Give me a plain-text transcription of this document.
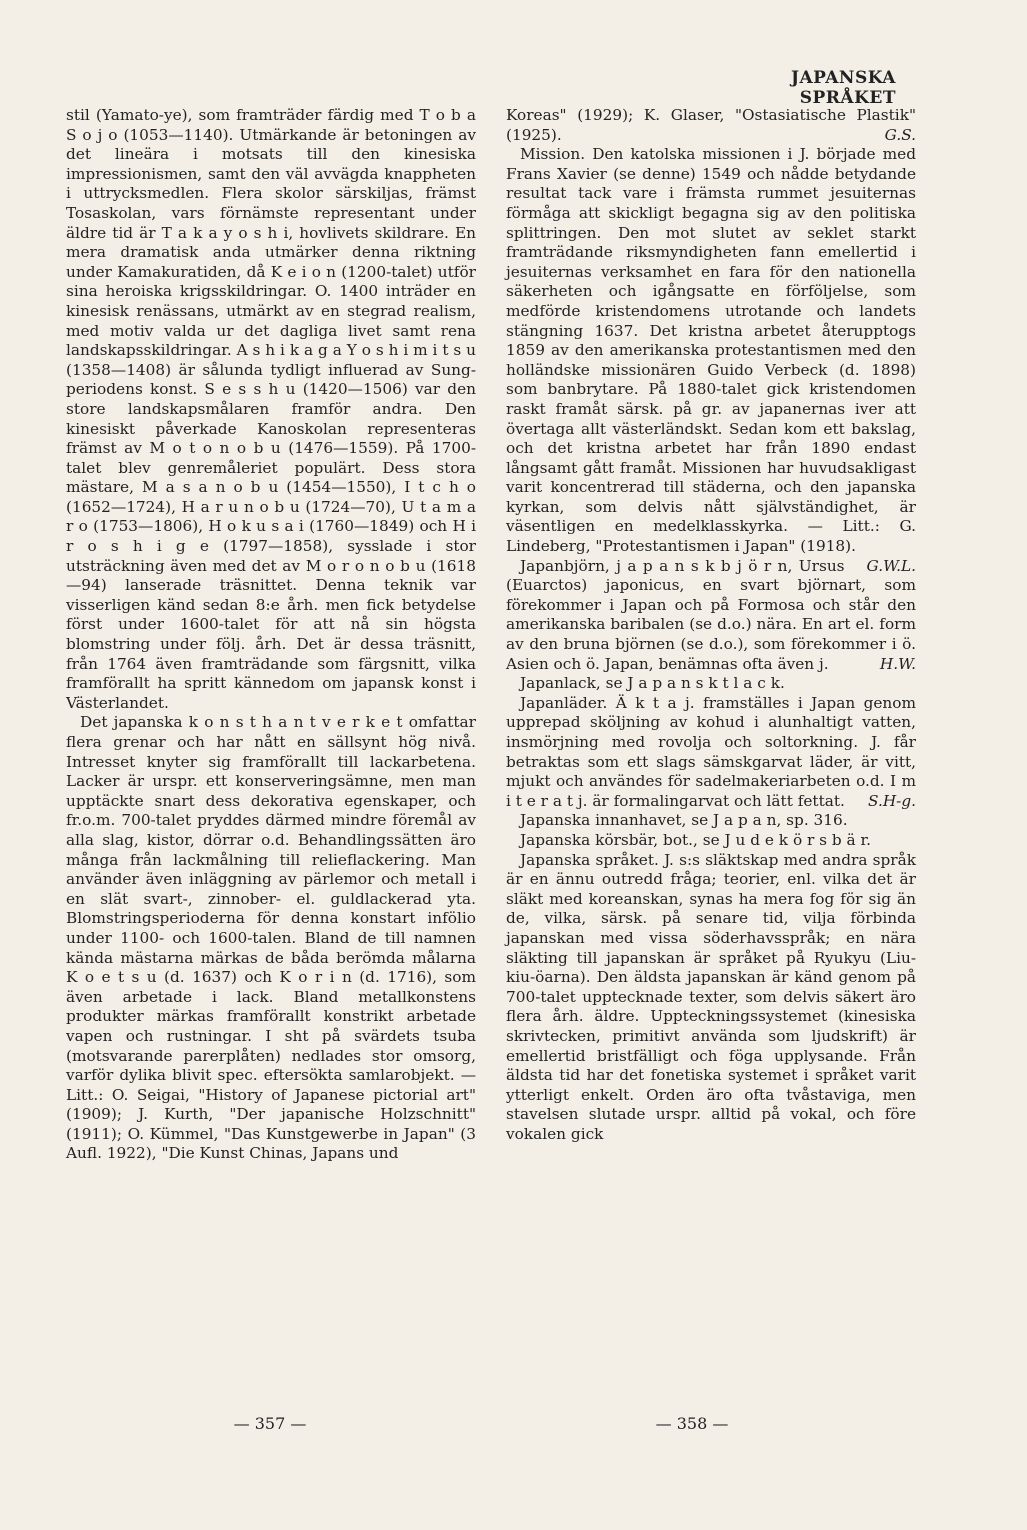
JAPANSKA SPRÅKET

stil (Yamato-ye), som framträder färdig med T o b a S o j o (1053—1140). Utmärkande är betoningen av det lineära i motsats till den kinesiska impressionismen, samt den väl avvägda knappheten i uttrycksmedlen. Flera skolor särskiljas, främst Tosaskolan, vars förnämste representant under äldre tid är T a k a y o s h i, hovlivets skildrare. En mera dramatisk anda utmärker denna riktning under Kamakuratiden, då K e i o n (1200-talet) utför sina heroiska krigsskildringar. O. 1400 inträder en kinesisk renässans, utmärkt av en stegrad realism, med motiv valda ur det dagliga livet samt rena landskapsskildringar. A s h i k a g a Y o s h i m i t s u (1358—1408) är sålunda tydligt influerad av Sung-periodens konst. S e s s h u (1420—1506) var den store landskapsmålaren framför andra. Den kinesiskt påverkade Kanoskolan representeras främst av M o t o n o b u (1476—1559). På 1700-talet blev genremåleriet populärt. Dess stora mästare, M a s a n o b u (1454—1550), I t c h o (1652—1724), H a r u n o b u (1724—70), U t a m a r o (1753—1806), H o k u s a i (1760—1849) och H i r o s h i g e (1797—1858), sysslade i stor utsträckning även med det av M o r o n o b u (1618—94) lanserade träsnittet. Denna teknik var visserligen känd sedan 8:e årh. men fick betydelse först under 1600-talet för att nå sin högsta blomstring under följ. årh. Det är dessa träsnitt, från 1764 även framträdande som färgsnitt, vilka framförallt ha spritt kännedom om japansk konst i Västerlandet.

Det japanska k o n s t h a n t v e r k e t omfattar flera grenar och har nått en sällsynt hög nivå. Intresset knyter sig framförallt till lackarbetena. Lacker är urspr. ett konserveringsämne, men man upptäckte snart dess dekorativa egenskaper, och fr.o.m. 700-talet pryddes därmed mindre föremål av alla slag, kistor, dörrar o.d. Behandlingssätten äro många från lackmålning till relieflackering. Man använder även inläggning av pärlemor och metall i en slät svart-, zinnober- el. guldlackerad yta. Blomstringsperioderna för denna konstart infölio under 1100- och 1600-talen. Bland de till namnen kända mästarna märkas de båda berömda målarna K o e t s u (d. 1637) och K o r i n (d. 1716), som även arbetade i lack. Bland metallkonstens produkter märkas framförallt konstrikt arbetade vapen och rustningar. I sht på svärdets tsuba (motsvarande parerplåten) nedlades stor omsorg, varför dylika blivit spec. eftersökta samlarobjekt. — Litt.: O. Seigai, "History of Japanese pictorial art" (1909); J. Kurth, "Der japanische Holzschnitt" (1911); O. Kümmel, "Das Kunstgewerbe in Japan" (3 Aufl. 1922), "Die Kunst Chinas, Japans und

Koreas" (1929); K. Glaser, "Ostasiatische Plastik" (1925).	G.S.

Mission. Den katolska missionen i J. började med Frans Xavier (se denne) 1549 och nådde betydande resultat tack vare i främsta rummet jesuiternas förmåga att skickligt begagna sig av den politiska splittringen. Den mot slutet av seklet starkt framträdande riksmyndigheten fann emellertid i jesuiternas verksamhet en fara för den nationella säkerheten och igångsatte en förföljelse, som medförde kristendomens utrotande och landets stängning 1637. Det kristna arbetet återupptogs 1859 av den amerikanska protestantismen med den holländske missionären Guido Verbeck (d. 1898) som banbrytare. På 1880-talet gick kristendomen raskt framåt särsk. på gr. av japanernas iver att övertaga allt västerländskt. Sedan kom ett bakslag, och det kristna arbetet har från 1890 endast långsamt gått framåt. Missionen har huvudsakligast varit koncentrerad till städerna, och den japanska kyrkan, som delvis nått självständighet, är väsentligen en medelklasskyrka. — Litt.: G. Lindeberg, "Protestantismen i Japan" (1918).
G.W.L.

Japanbjörn, j a p a n s k b j ö r n, Ursus (Euarctos) japonicus, en svart björnart, som förekommer i Japan och på Formosa och står den amerikanska baribalen (se d.o.) nära. En art el. form av den bruna björnen (se d.o.), som förekommer i ö. Asien och ö. Japan, benämnas ofta även j.	H.W.

Japanlack, se J a p a n s k t l a c k.

Japanläder. Ä k t a j. framställes i Japan genom upprepad sköljning av kohud i alunhaltigt vatten, insmörjning med rovolja och soltorkning. J. får betraktas som ett slags sämskgarvat läder, är vitt, mjukt och användes för sadelmakeriarbeten o.d. I m i t e r a t j. är formalingarvat och lätt fettat.	S.H-g.

Japanska innanhavet, se J a p a n, sp. 316.

Japanska körsbär, bot., se J u d e k ö r s b ä r.

Japanska språket. J. s:s släktskap med andra språk är en ännu outredd fråga; teorier, enl. vilka det är släkt med koreanskan, synas ha mera fog för sig än de, vilka, särsk. på senare tid, vilja förbinda japanskan med vissa söderhavsspråk; en nära släkting till japanskan är språket på Ryukyu (Liu-kiu-öarna). Den äldsta japanskan är känd genom på 700-talet upptecknade texter, som delvis säkert äro flera årh. äldre. Uppteckningssystemet (kinesiska skrivtecken, primitivt använda som ljudskrift) är emellertid bristfälligt och föga upplysande. Från äldsta tid har det fonetiska systemet i språket varit ytterligt enkelt. Orden äro ofta tvåstaviga, men stavelsen slutade urspr. alltid på vokal, och före vokalen gick

— 357 —	— 358 —
